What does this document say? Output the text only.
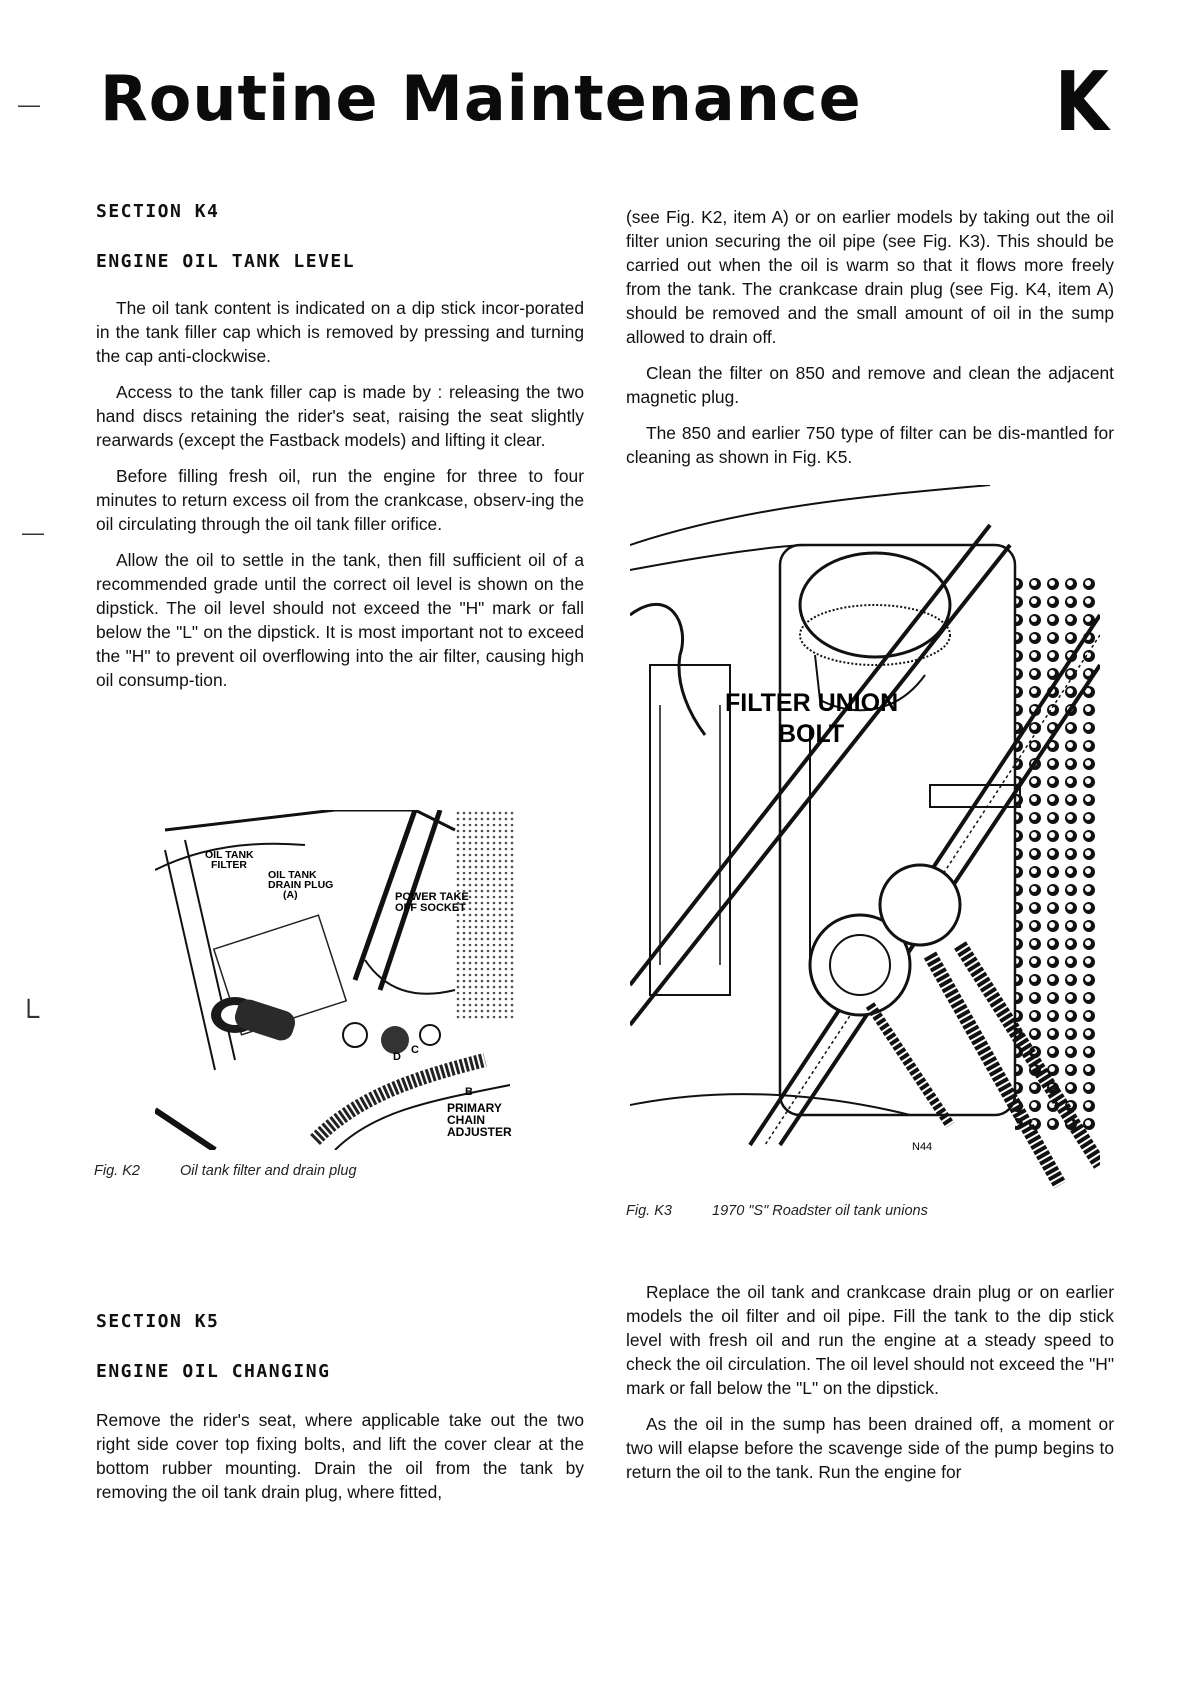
Routine Maintenance K
―
―
└
SECTION K4
ENGINE OIL TANK LEVEL

The oil tank content is indicated on a dip stick incor-porated in the tank filler cap which is removed by pressing and turning the cap anti-clockwise.

Access to the tank filler cap is made by : releasing the two hand discs retaining the rider's seat, raising the seat slightly rearwards (except the Fastback models) and lifting it clear.

Before filling fresh oil, run the engine for three to four minutes to return excess oil from the crankcase, observ-ing the oil circulating through the oil tank filler orifice.

Allow the oil to settle in the tank, then fill sufficient oil of a recommended grade until the correct oil level is shown on the dipstick. The oil level should not exceed the "H" mark or fall below the "L" on the dipstick. It is most important not to exceed the "H" to prevent oil overflowing into the air filter, causing high oil consump-tion.

OIL TANK
FILTER
OIL TANK
DRAIN PLUG
(A)	POWER TAKE
OFF SOCKET
D
C
B
PRIMARY
CHAIN
ADJUSTER
Fig. K2	Oil tank filter and drain plug

(see Fig. K2, item A) or on earlier models by taking out the oil filter union securing the oil pipe (see Fig. K3). This should be carried out when the oil is warm so that it flows more freely from the tank. The crankcase drain plug (see Fig. K4, item A) should be removed and the small amount of oil in the sump allowed to drain off.

Clean the filter on 850 and remove and clean the adjacent magnetic plug.

The 850 and earlier 750 type of filter can be dis-mantled for cleaning as shown in Fig. K5.

FILTER UNION
BOLT
N44
Fig. K3	1970 "S" Roadster oil tank unions
SECTION K5
ENGINE OIL CHANGING

Remove the rider's seat, where applicable take out the two right side cover top fixing bolts, and lift the cover clear at the bottom rubber mounting. Drain the oil from the tank by removing the oil tank drain plug, where fitted,

Replace the oil tank and crankcase drain plug or on earlier models the oil filter and oil pipe. Fill the tank to the dip stick level with fresh oil and run the engine at a steady speed to check the oil circulation. The oil level should not exceed the "H" mark or fall below the "L" on the dipstick.

As the oil in the sump has been drained off, a moment or two will elapse before the scavenge side of the pump begins to return the oil to the tank. Run the engine for
